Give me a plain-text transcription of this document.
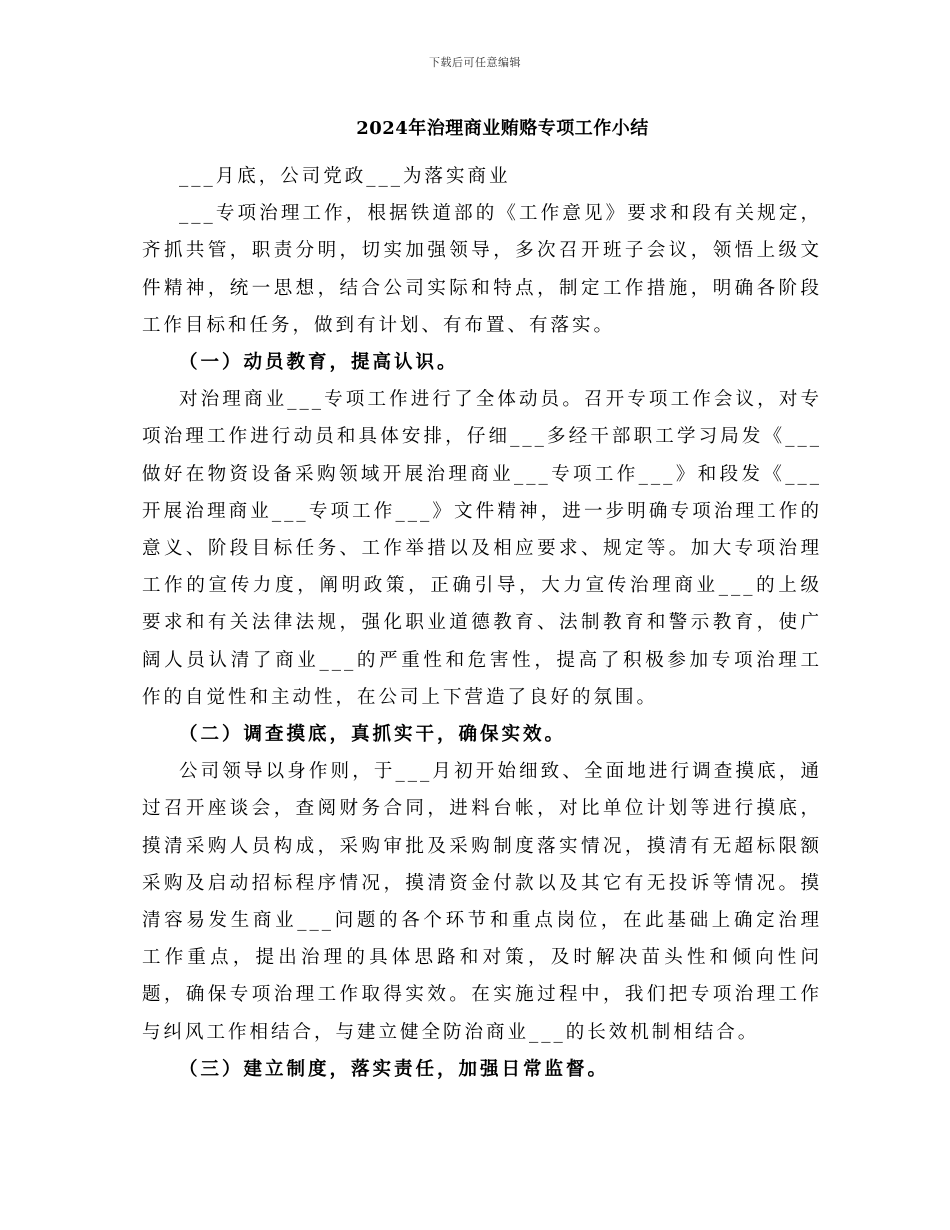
下载后可任意编辑
2024年治理商业贿赂专项工作小结

___月底，公司党政___为落实商业

___专项治理工作，根据铁道部的《工作意见》要求和段有关规定，齐抓共管，职责分明，切实加强领导，多次召开班子会议，领悟上级文件精神，统一思想，结合公司实际和特点，制定工作措施，明确各阶段工作目标和任务，做到有计划、有布置、有落实。

（一）动员教育，提高认识。

对治理商业___专项工作进行了全体动员。召开专项工作会议，对专项治理工作进行动员和具体安排，仔细___多经干部职工学习局发《___做好在物资设备采购领域开展治理商业___专项工作___》和段发《___开展治理商业___专项工作___》文件精神，进一步明确专项治理工作的意义、阶段目标任务、工作举措以及相应要求、规定等。加大专项治理工作的宣传力度，阐明政策，正确引导，大力宣传治理商业___的上级要求和有关法律法规，强化职业道德教育、法制教育和警示教育，使广阔人员认清了商业___的严重性和危害性，提高了积极参加专项治理工作的自觉性和主动性，在公司上下营造了良好的氛围。

（二）调查摸底，真抓实干，确保实效。

公司领导以身作则，于___月初开始细致、全面地进行调查摸底，通过召开座谈会，查阅财务合同，进料台帐，对比单位计划等进行摸底，摸清采购人员构成，采购审批及采购制度落实情况，摸清有无超标限额采购及启动招标程序情况，摸清资金付款以及其它有无投诉等情况。摸清容易发生商业___问题的各个环节和重点岗位，在此基础上确定治理工作重点，提出治理的具体思路和对策，及时解决苗头性和倾向性问题，确保专项治理工作取得实效。在实施过程中，我们把专项治理工作与纠风工作相结合，与建立健全防治商业___的长效机制相结合。

（三）建立制度，落实责任，加强日常监督。
